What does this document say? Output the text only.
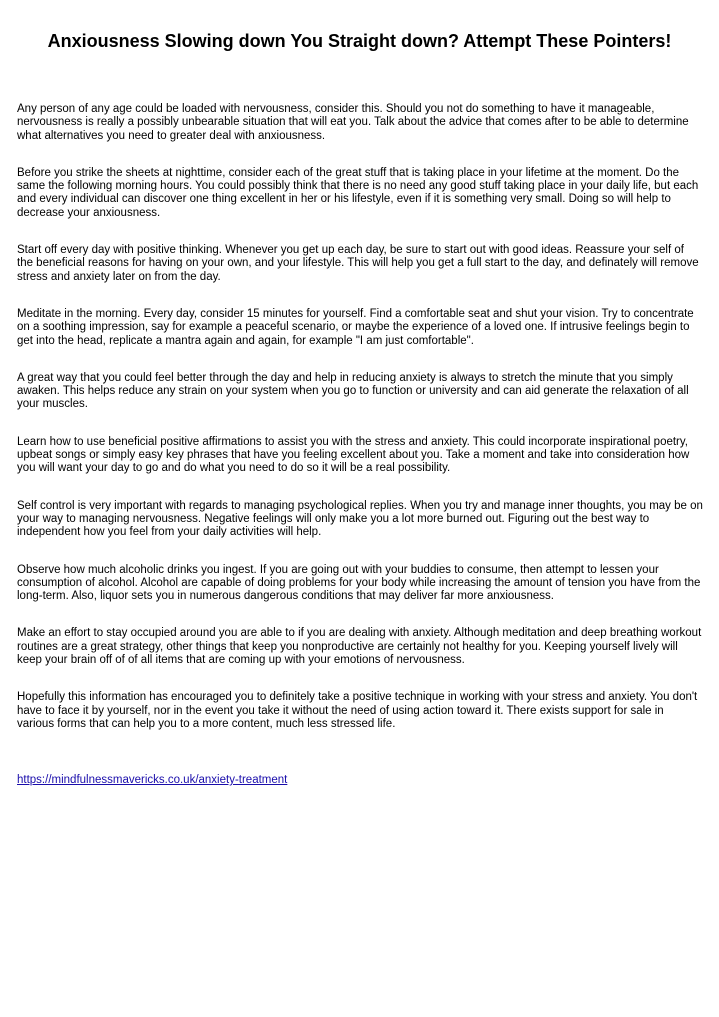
Anxiousness Slowing down You Straight down? Attempt These Pointers!

Any person of any age could be loaded with nervousness, consider this. Should you not do something to have it manageable, nervousness is really a possibly unbearable situation that will eat you. Talk about the advice that comes after to be able to determine what alternatives you need to greater deal with anxiousness.

Before you strike the sheets at nighttime, consider each of the great stuff that is taking place in your lifetime at the moment. Do the same the following morning hours. You could possibly think that there is no need any good stuff taking place in your daily life, but each and every individual can discover one thing excellent in her or his lifestyle, even if it is something very small. Doing so will help to decrease your anxiousness.

Start off every day with positive thinking. Whenever you get up each day, be sure to start out with good ideas. Reassure your self of the beneficial reasons for having on your own, and your lifestyle. This will help you get a full start to the day, and definately will remove stress and anxiety later on from the day.

Meditate in the morning. Every day, consider 15 minutes for yourself. Find a comfortable seat and shut your vision. Try to concentrate on a soothing impression, say for example a peaceful scenario, or maybe the experience of a loved one. If intrusive feelings begin to get into the head, replicate a mantra again and again, for example "I am just comfortable".

A great way that you could feel better through the day and help in reducing anxiety is always to stretch the minute that you simply awaken. This helps reduce any strain on your system when you go to function or university and can aid generate the relaxation of all your muscles.

Learn how to use beneficial positive affirmations to assist you with the stress and anxiety. This could incorporate inspirational poetry, upbeat songs or simply easy key phrases that have you feeling excellent about you. Take a moment and take into consideration how you will want your day to go and do what you need to do so it will be a real possibility.

Self control is very important with regards to managing psychological replies. When you try and manage inner thoughts, you may be on your way to managing nervousness. Negative feelings will only make you a lot more burned out. Figuring out the best way to independent how you feel from your daily activities will help.

Observe how much alcoholic drinks you ingest. If you are going out with your buddies to consume, then attempt to lessen your consumption of alcohol. Alcohol are capable of doing problems for your body while increasing the amount of tension you have from the long-term. Also, liquor sets you in numerous dangerous conditions that may deliver far more anxiousness.

Make an effort to stay occupied around you are able to if you are dealing with anxiety. Although meditation and deep breathing workout routines are a great strategy, other things that keep you nonproductive are certainly not healthy for you. Keeping yourself lively will keep your brain off of of all items that are coming up with your emotions of nervousness.

Hopefully this information has encouraged you to definitely take a positive technique in working with your stress and anxiety. You don't have to face it by yourself, nor in the event you take it without the need of using action toward it. There exists support for sale in various forms that can help you to a more content, much less stressed life.

https://mindfulnessmavericks.co.uk/anxiety-treatment
